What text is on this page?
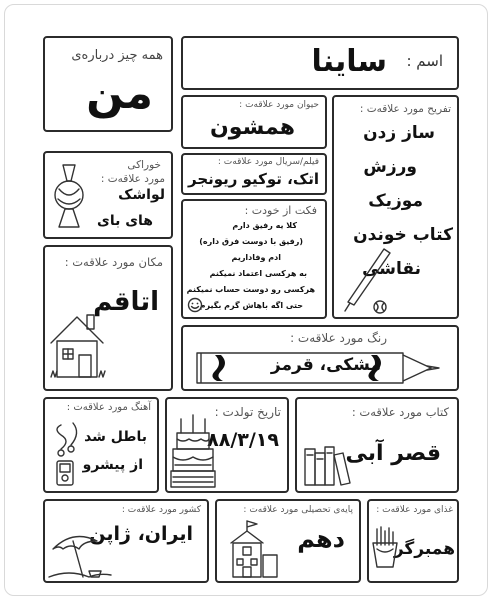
همه چیز درباره‌ی
من
اسم :
ساینا
حیوان مورد علاقه‌ت :
همشون
تفریح مورد علاقه‌ت :
ساز زدن
ورزش
موزیک
کتاب خوندن
نقاشی
فیلم/سریال مورد علاقه‌ت :
اتک، توکیو ریونجر
خوراکی
مورد علاقه‌ت :
لواشک
های بای
فکت از خودت :
کلا یه رفیق دارم
(رفیق با دوست فرق داره)
ادم وفاداریم
به هرکسی اعتماد نمیکنم
هرکسی رو دوست حساب نمیکنم
حتی اگه باهاش گرم بگیرم
مکان مورد علاقه‌ت :
اتاقم
رنگ مورد علاقه‌ت :
مشکی، قرمز
آهنگ مورد علاقه‌ت :
باطل شد
از پیشرو
تاریخ تولدت :
۸۸/۳/۱۹
کتاب مورد علاقه‌ت :
قصر آبی
کشور مورد علاقه‌ت :
ایران، ژاپن
پایه‌ی تحصیلی مورد علاقه‌ت :
دهم
غذای مورد علاقه‌ت :
همبرگر
